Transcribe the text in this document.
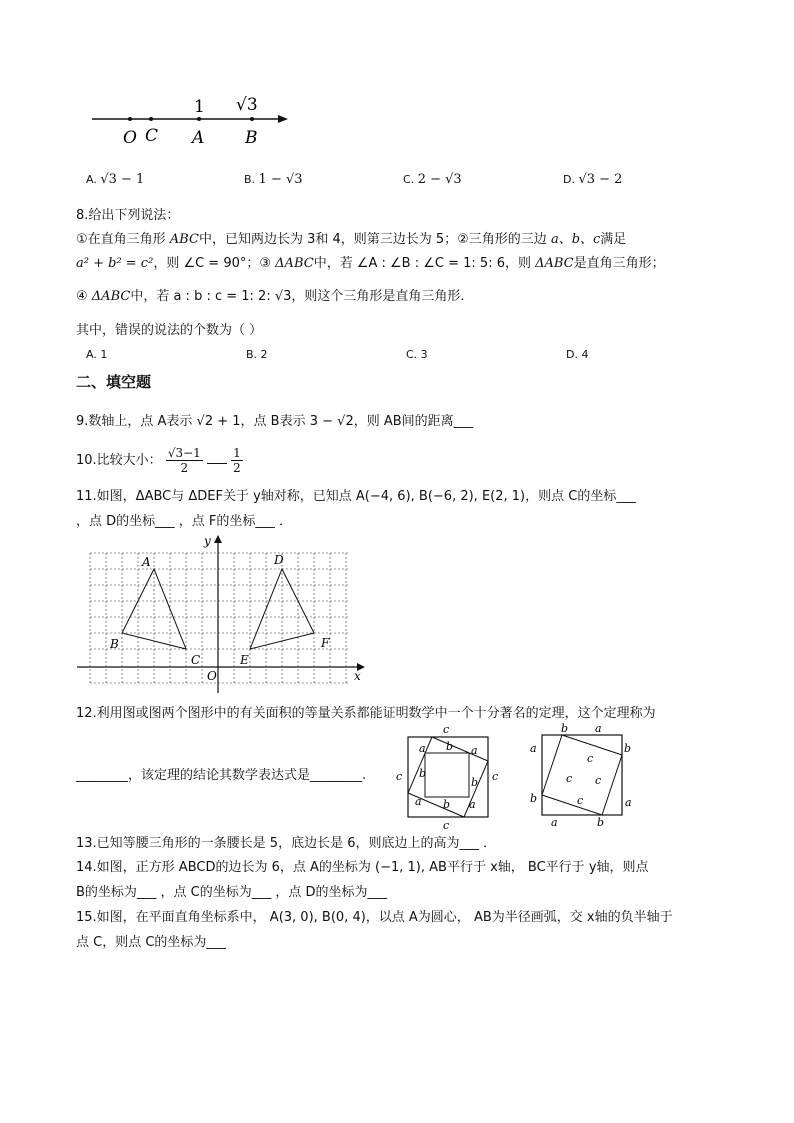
1 √3
O C A B
A. √3 − 1	B. 1 − √3	C. 2 − √3	D. √3 − 2
8.给出下列说法：
①在直角三角形 ABC中，已知两边长为 3和 4，则第三边长为 5；②三角形的三边 a、b、c满足
a² + b² = c²，则 ∠C = 90°；③ ΔABC中，若 ∠A : ∠B : ∠C = 1: 5: 6，则 ΔABC是直角三角形；
④ ΔABC中，若 a : b : c = 1: 2: √3，则这个三角形是直角三角形．
其中，错误的说法的个数为（ ）
A. 1	B. 2	C. 3	D. 4
二、填空题
9.数轴上，点 A表示 √2 + 1，点 B表示 3 − √2，则 AB间的距离___
10.比较大小： $\frac{√3-1}{2}$
$\frac{1}{2}$
11.如图，ΔABC与 ΔDEF关于 y轴对称，已知点 A(−4, 6), B(−6, 2), E(2, 1)，则点 C的坐标___
，点 D的坐标___ ，点 F的坐标___ ．
y
x
O
A
B
C
D
E
F
12.利用图或图两个图形中的有关面积的等量关系都能证明数学中一个十分著名的定理，这个定理称为
________，该定理的结论其数学表达式是________.
c
c
c	c
a b a
b
b
a b a
b a
b
a
a
b
a	b
c
c c
c
13.已知等腰三角形的一条腰长是 5，底边长是 6，则底边上的高为___ ．
14.如图，正方形 ABCD的边长为 6，点 A的坐标为 (−1, 1), AB平行于 x轴， BC平行于 y轴，则点
B的坐标为___ ，点 C的坐标为___ ，点 D的坐标为___
15.如图，在平面直角坐标系中， A(3, 0), B(0, 4)，以点 A为圆心， AB为半径画弧，交 x轴的负半轴于
点 C，则点 C的坐标为___
